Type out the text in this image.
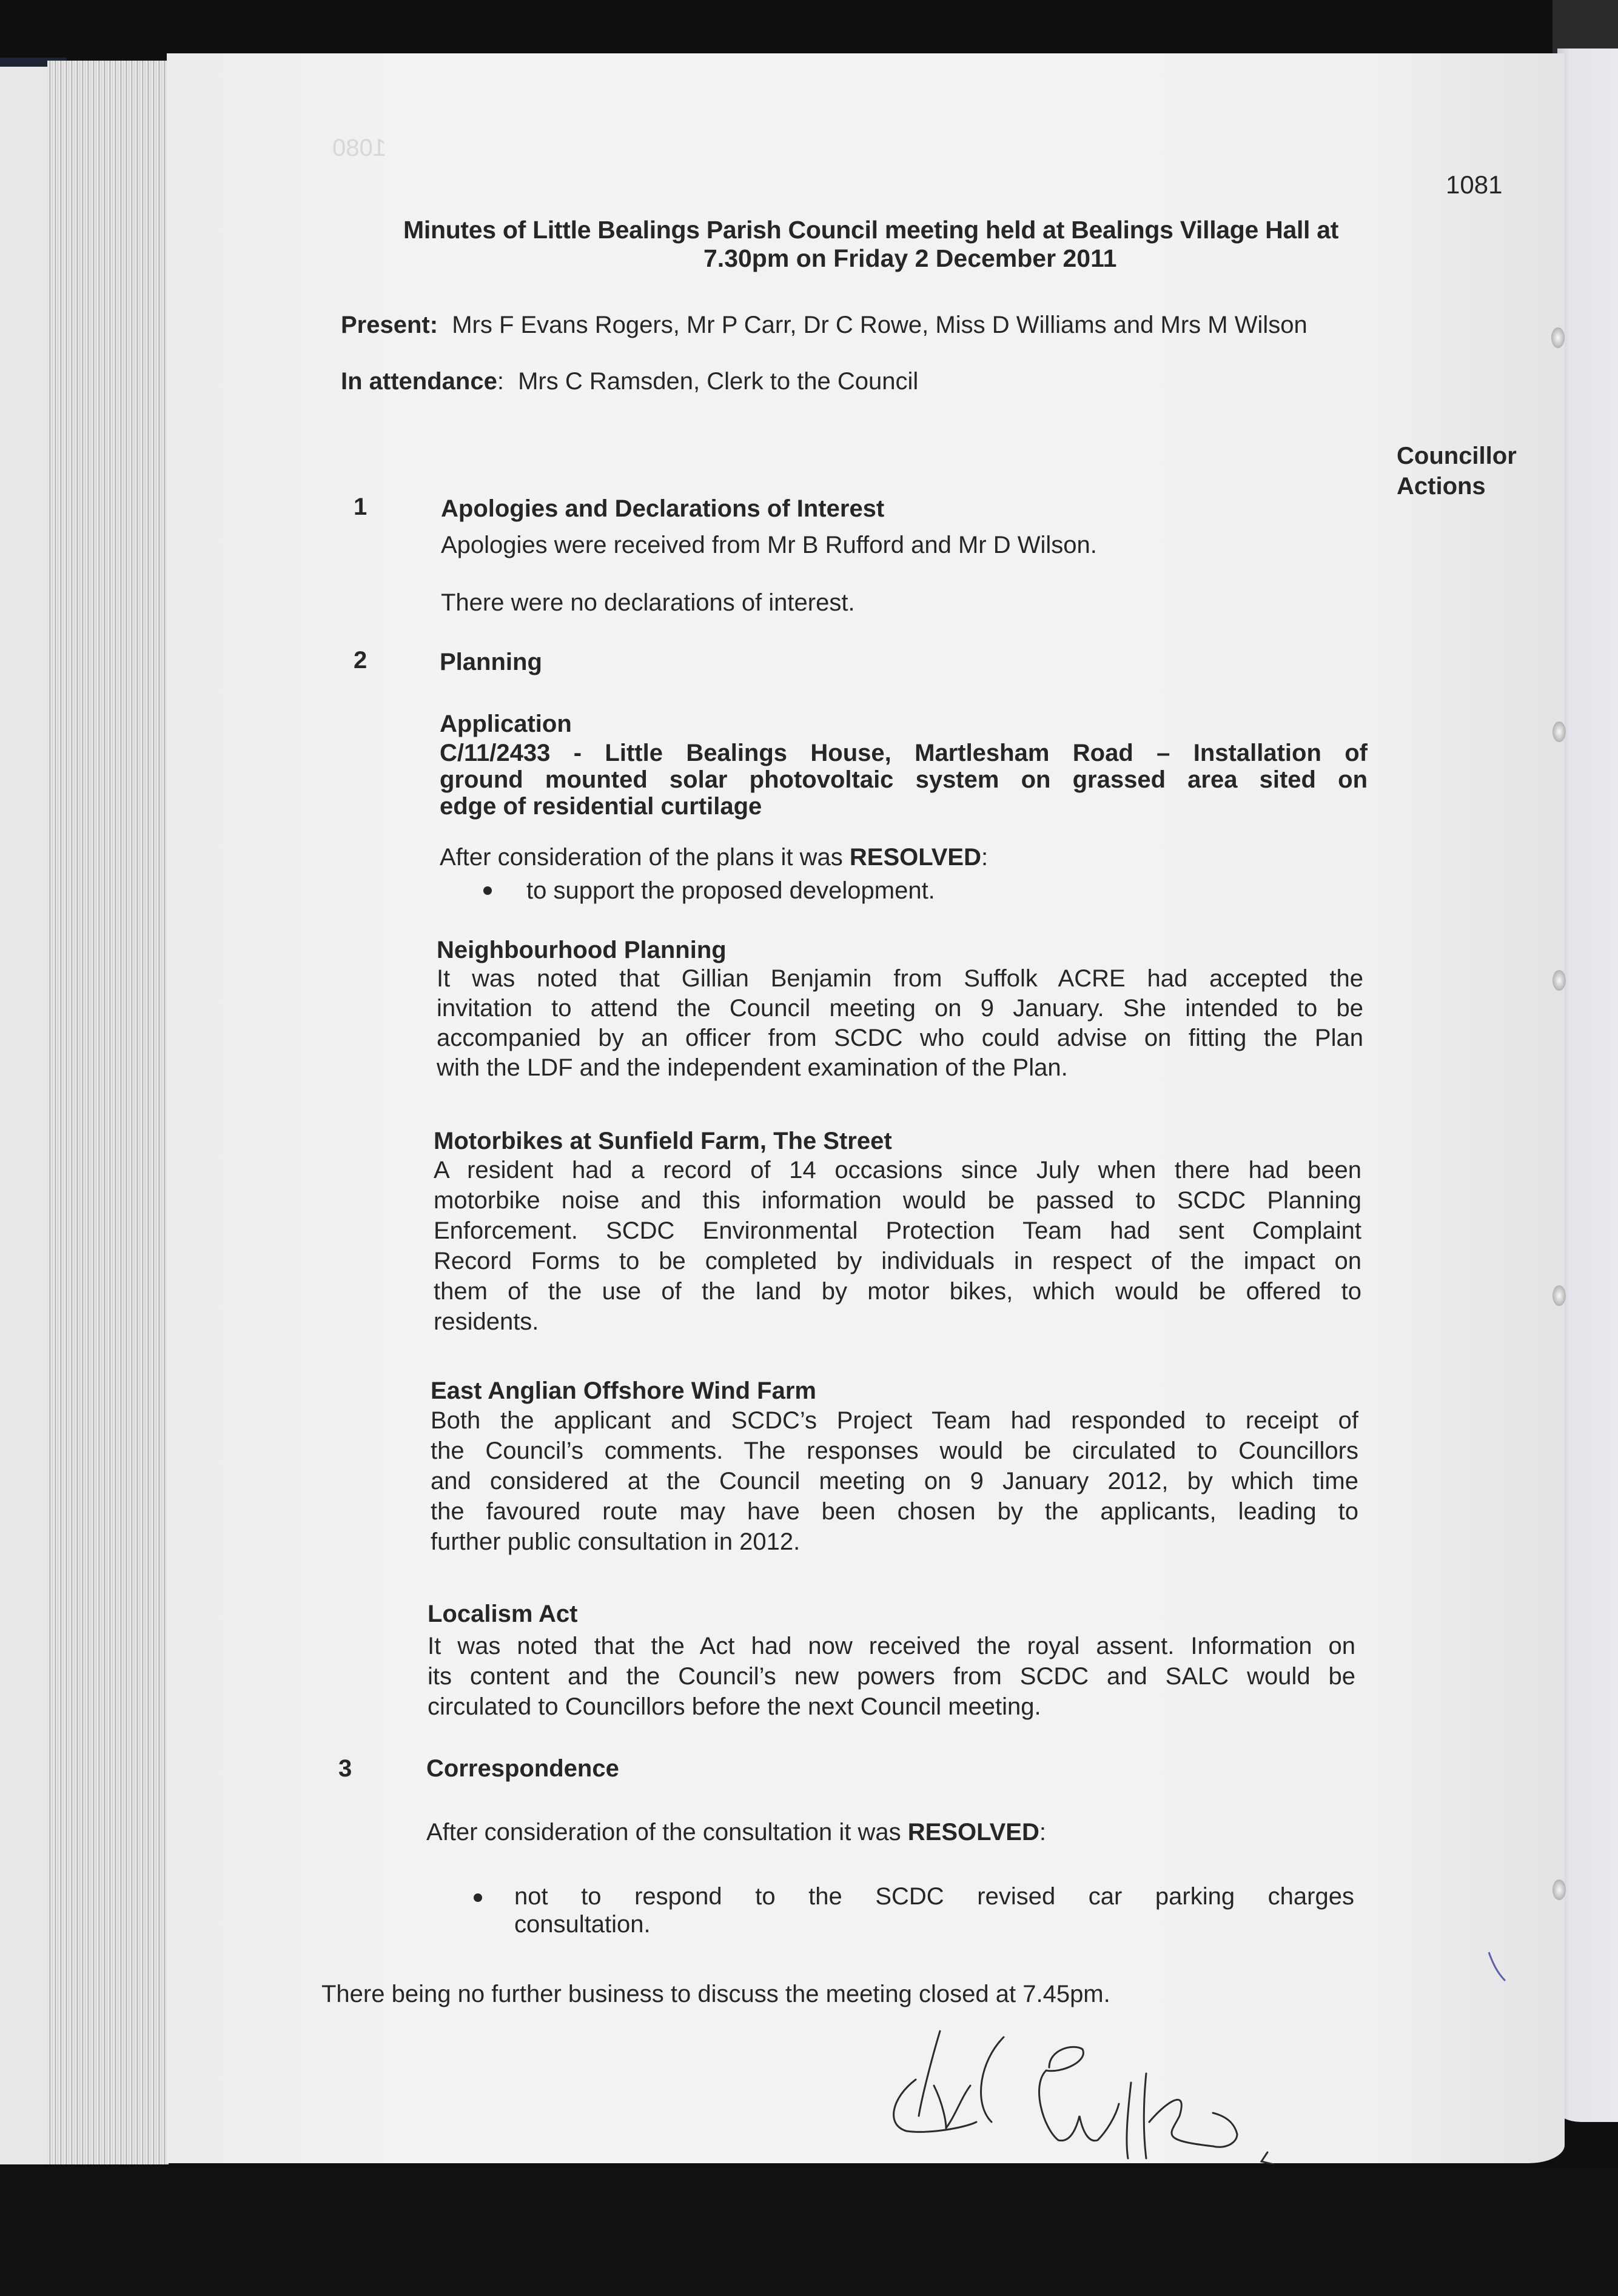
1080
1081
Minutes of Little Bealings Parish Council meeting held at Bealings Village Hall at
7.30pm on Friday 2 December 2011
Present: Mrs F Evans Rogers, Mr P Carr, Dr C Rowe, Miss D Williams and Mrs M Wilson
In attendance: Mrs C Ramsden, Clerk to the Council
Councillor
Actions
1	Apologies and Declarations of Interest
Apologies were received from Mr B Rufford and Mr D Wilson.
There were no declarations of interest.
2	Planning
Application
C/11/2433 - Little Bealings House, Martlesham Road – Installation of
ground mounted solar photovoltaic system on grassed area sited on
edge of residential curtilage
After consideration of the plans it was RESOLVED:
to support the proposed development.
Neighbourhood Planning
It was noted that Gillian Benjamin from Suffolk ACRE had accepted the
invitation to attend the Council meeting on 9 January. She intended to be
accompanied by an officer from SCDC who could advise on fitting the Plan
with the LDF and the independent examination of the Plan.
Motorbikes at Sunfield Farm, The Street
A resident had a record of 14 occasions since July when there had been
motorbike noise and this information would be passed to SCDC Planning
Enforcement. SCDC Environmental Protection Team had sent Complaint
Record Forms to be completed by individuals in respect of the impact on
them of the use of the land by motor bikes, which would be offered to
residents.
East Anglian Offshore Wind Farm
Both the applicant and SCDC’s Project Team had responded to receipt of
the Council’s comments. The responses would be circulated to Councillors
and considered at the Council meeting on 9 January 2012, by which time
the favoured route may have been chosen by the applicants, leading to
further public consultation in 2012.
Localism Act
It was noted that the Act had now received the royal assent. Information on
its content and the Council’s new powers from SCDC and SALC would be
circulated to Councillors before the next Council meeting.
3	Correspondence
After consideration of the consultation it was RESOLVED:
not to respond to the SCDC revised car parking charges
consultation.
There being no further business to discuss the meeting closed at 7.45pm.
